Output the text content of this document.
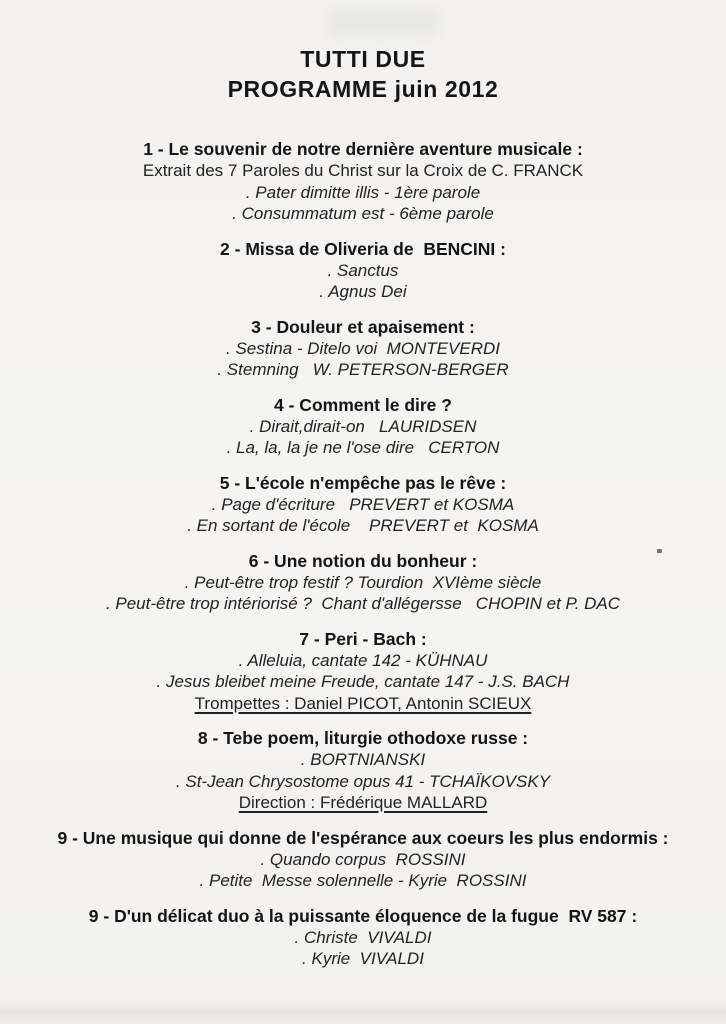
TUTTI DUE
PROGRAMME juin 2012
1 - Le souvenir de notre dernière aventure musicale :
Extrait des 7 Paroles du Christ sur la Croix de C. FRANCK
. Pater dimitte illis - 1ère parole
. Consummatum est - 6ème parole
2 - Missa de Oliveria de  BENCINI :
. Sanctus
. Agnus Dei
3 - Douleur et apaisement :
. Sestina - Ditelo voi  MONTEVERDI
. Stemning   W. PETERSON-BERGER
4 - Comment le dire ?
. Dirait,dirait-on   LAURIDSEN
. La, la, la je ne l'ose dire   CERTON
5 - L'école n'empêche pas le rêve :
. Page d'écriture   PREVERT et KOSMA
. En sortant de l'école    PREVERT et  KOSMA
6 - Une notion du bonheur :
. Peut-être trop festif ? Tourdion  XVIème siècle
. Peut-être trop intériorisé ?  Chant d'allégersse   CHOPIN et P. DAC
7 - Peri - Bach :
. Alleluia, cantate 142 - KÜHNAU
. Jesus bleibet meine Freude, cantate 147 - J.S. BACH
Trompettes : Daniel PICOT, Antonin SCIEUX
8 - Tebe poem, liturgie othodoxe russe :
. BORTNIANSKI
. St-Jean Chrysostome opus 41 - TCHAÏKOVSKY
Direction : Frédérique MALLARD
9 - Une musique qui donne de l'espérance aux coeurs les plus endormis :
. Quando corpus  ROSSINI
. Petite  Messe solennelle - Kyrie  ROSSINI
9 - D'un délicat duo à la puissante éloquence de la fugue  RV 587 :
. Christe  VIVALDI
. Kyrie  VIVALDI
